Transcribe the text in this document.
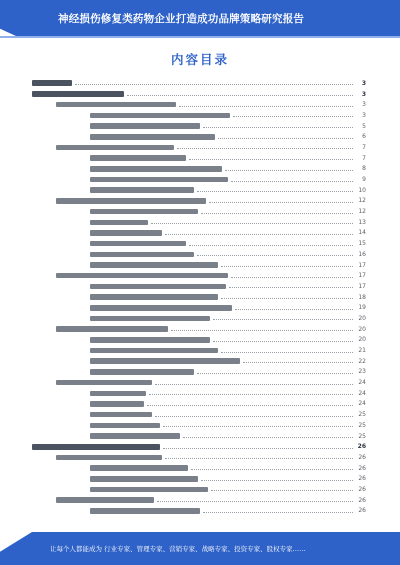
神经损伤修复类药物企业打造成功品牌策略研究报告
内容目录
3
3
3
3
5
6
7
7
8
9
10
12
12
13
14
15
16
17
17
17
18
19
20
20
20
21
22
23
24
24
24
25
25
25
26
26
26
26
26
26
26
让每个人都能成为 行业专家、管理专家、营销专家、战略专家、投资专家、股权专家……
